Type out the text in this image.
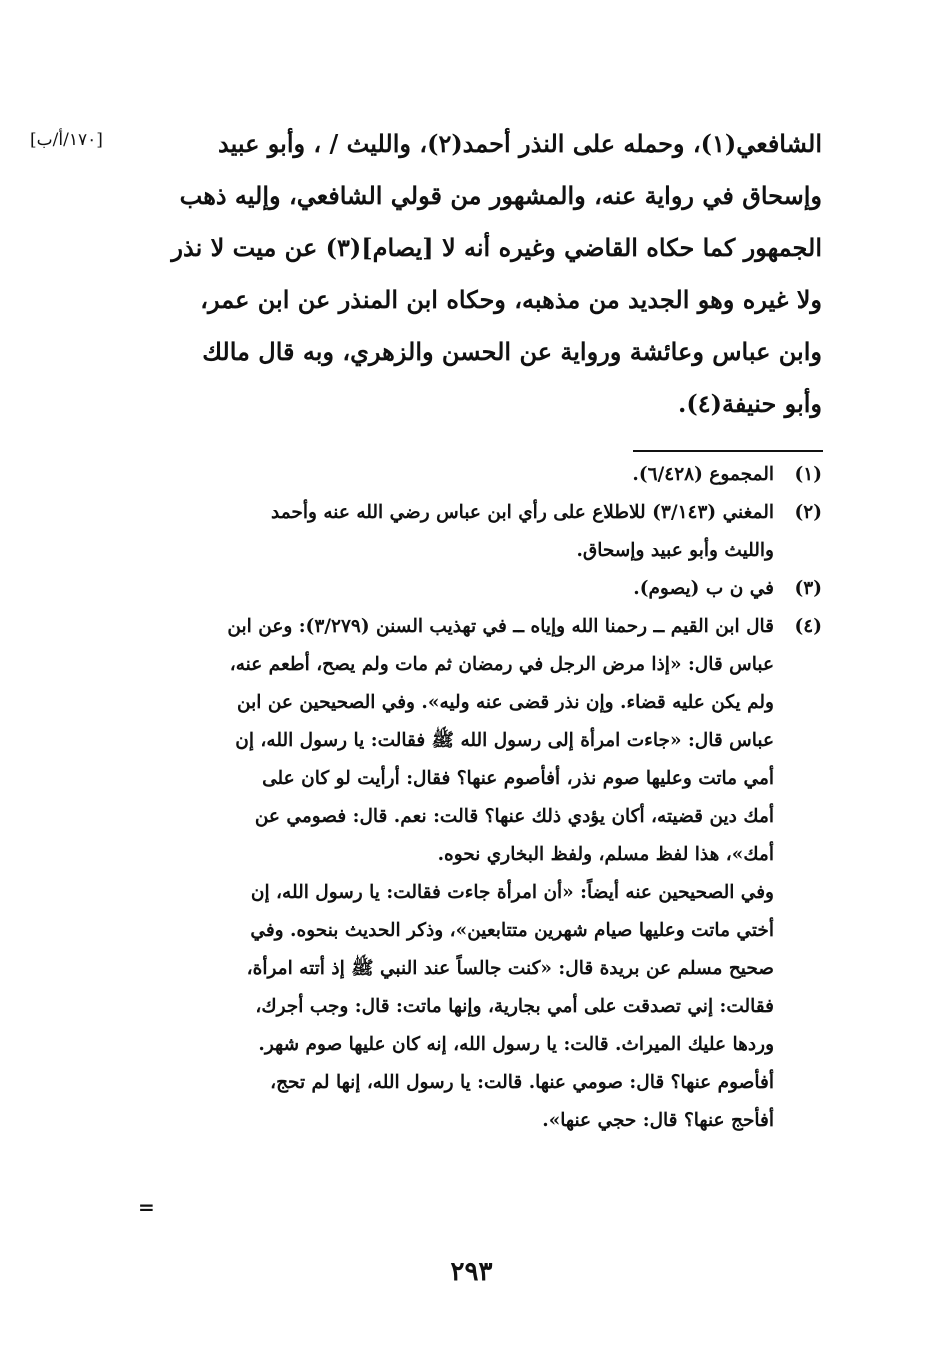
[١٧٠/أ/ب]	الشافعي(١)، وحمله على النذر أحمد(٢)، والليث / ، وأبو عبيد

وإسحاق في رواية عنه، والمشهور من قولي الشافعي، وإليه ذهب

الجمهور كما حكاه القاضي وغيره أنه لا [يصام](٣) عن ميت لا نذر

ولا غيره وهو الجديد من مذهبه، وحكاه ابن المنذر عن ابن عمر،

وابن عباس وعائشة ورواية عن الحسن والزهري، وبه قال مالك

وأبو حنيفة(٤).

(١)

المجموع (٦/٤٢٨).

(٢)

المغني (٣/١٤٣) للاطلاع على رأي ابن عباس رضي الله عنه وأحمد

والليث وأبو عبيد وإسحاق.

(٣)

في ن ب (يصوم).

(٤)

قال ابن القيم ــ رحمنا الله وإياه ــ في تهذيب السنن (٣/٢٧٩): وعن ابن

عباس قال: «إذا مرض الرجل في رمضان ثم مات ولم يصح، أطعم عنه،

ولم يكن عليه قضاء. وإن نذر قضى عنه وليه». وفي الصحيحين عن ابن

عباس قال: «جاءت امرأة إلى رسول الله ﷺ فقالت: يا رسول الله، إن

أمي ماتت وعليها صوم نذر، أفأصوم عنها؟ فقال: أرأيت لو كان على

أمك دين قضيته، أكان يؤدي ذلك عنها؟ قالت: نعم. قال: فصومي عن

أمك»، هذا لفظ مسلم، ولفظ البخاري نحوه.

وفي الصحيحين عنه أيضاً: «أن امرأة جاءت فقالت: يا رسول الله، إن

أختي ماتت وعليها صيام شهرين متتابعين»، وذكر الحديث بنحوه. وفي

صحيح مسلم عن بريدة قال: «كنت جالساً عند النبي ﷺ إذ أتته امرأة،

فقالت: إني تصدقت على أمي بجارية، وإنها ماتت: قال: وجب أجرك،

وردها عليك الميراث. قالت: يا رسول الله، إنه كان عليها صوم شهر.

أفأصوم عنها؟ قال: صومي عنها. قالت: يا رسول الله، إنها لم تحج،

أفأحج عنها؟ قال: حجي عنها».

=
٢٩٣
